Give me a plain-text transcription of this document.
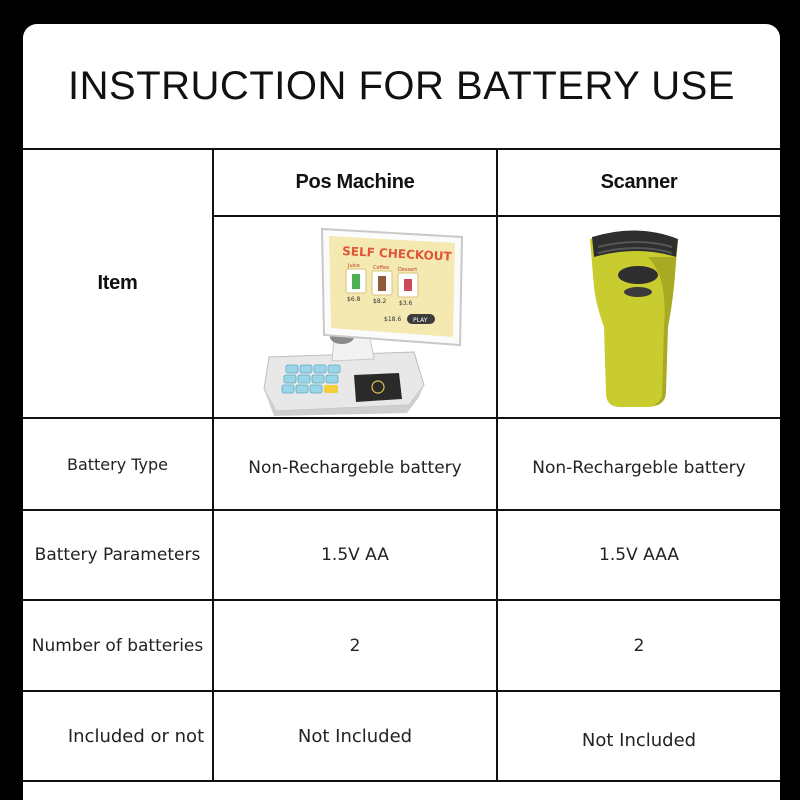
INSTRUCTION FOR BATTERY USE
Item
Pos Machine	Scanner
SELF CHECKOUT
Juice	Coffee Dessert
$6.8 $8.2 $3.6
$18.6 PLAY
Battery Type	Non-Rechargeble battery	Non-Rechargeble battery
Battery Parameters	1.5V AA	1.5V AAA
Number of batteries	2	2
Included or not	Not Included	Not Included
